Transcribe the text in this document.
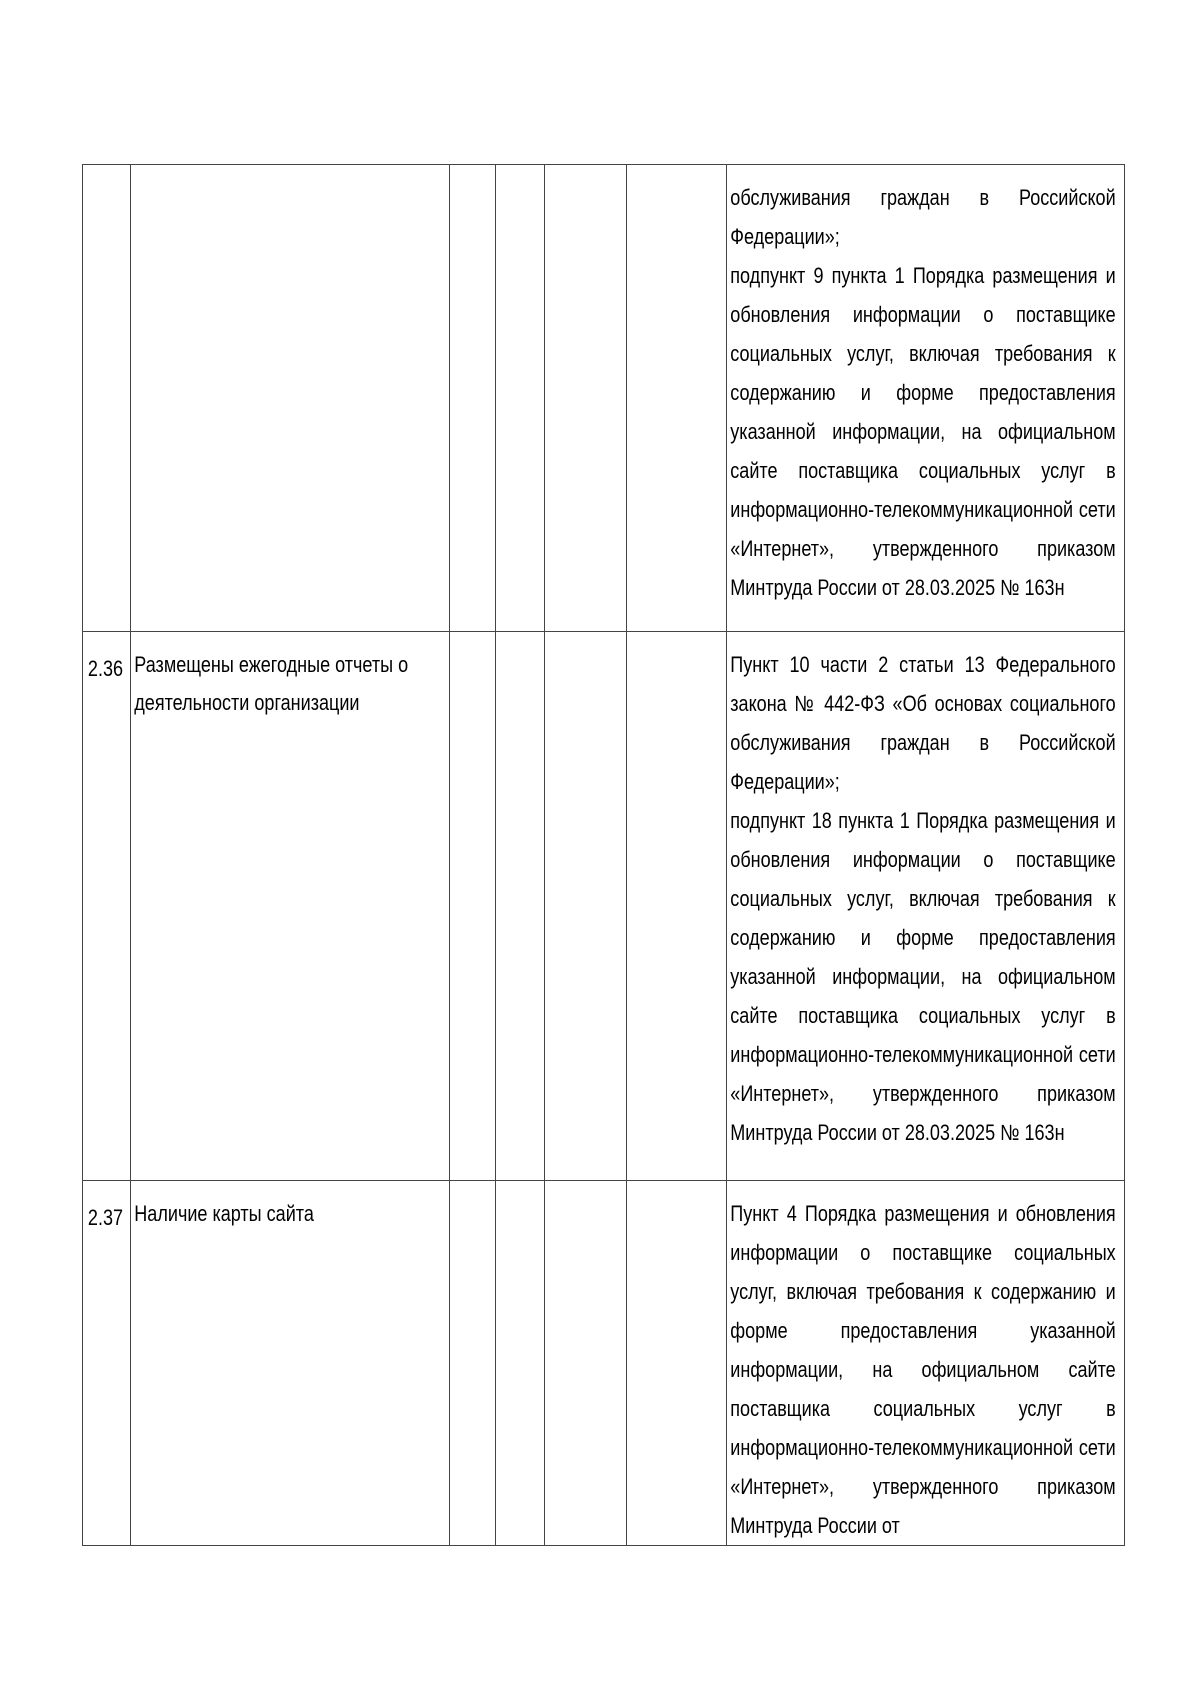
						обслуживания граждан в Российской Федерации»;

подпункт 9 пункта 1 Порядка размещения и обновления информации о поставщике социальных услуг, включая требования к содержанию и форме предоставления указанной информации, на официальном сайте поставщика социальных услуг в информационно-телекоммуникационной сети «Интернет», утвержденного приказом Минтруда России от 28.03.2025 № 163н

2.36	Размещены ежегодные отчеты о деятельности организации					Пункт 10 части 2 статьи 13 Федерального закона № 442-ФЗ «Об основах социального обслуживания граждан в Российской Федерации»;

подпункт 18 пункта 1 Порядка размещения и обновления информации о поставщике социальных услуг, включая требования к содержанию и форме предоставления указанной информации, на официальном сайте поставщика социальных услуг в информационно-телекоммуникационной сети «Интернет», утвержденного приказом Минтруда России от 28.03.2025 № 163н

2.37	Наличие карты сайта					Пункт 4 Порядка размещения и обновления информации о поставщике социальных услуг, включая требования к содержанию и форме предоставления указанной информации, на официальном сайте поставщика социальных услуг в информационно-телекоммуникационной сети «Интернет», утвержденного приказом Минтруда России от
